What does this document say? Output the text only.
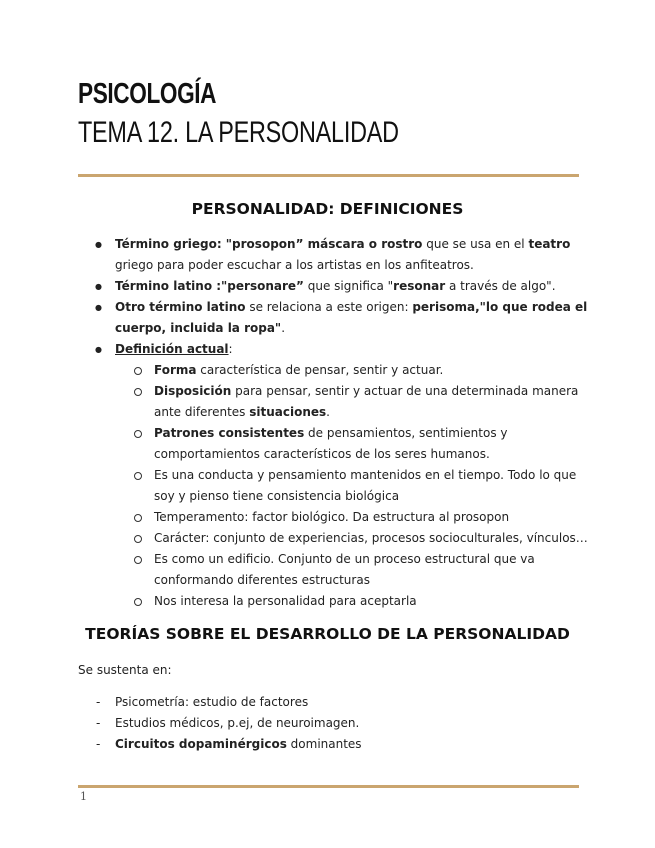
PSICOLOGÍA
TEMA 12. LA PERSONALIDAD
PERSONALIDAD: DEFINICIONES
● Término griego: "prosopon” máscara o rostro que se usa en el teatro griego para poder escuchar a los artistas en los anfiteatros.
● Término latino :"personare” que significa "resonar a través de algo".
● Otro término latino se relaciona a este origen: perisoma,"lo que rodea el cuerpo, incluida la ropa".
● Definición actual:
Forma característica de pensar, sentir y actuar.
Disposición para pensar, sentir y actuar de una determinada manera ante diferentes situaciones.
Patrones consistentes de pensamientos, sentimientos y comportamientos característicos de los seres humanos.
Es una conducta y pensamiento mantenidos en el tiempo. Todo lo que soy y pienso tiene consistencia biológica
Temperamento: factor biológico. Da estructura al prosopon
Carácter: conjunto de experiencias, procesos socioculturales, vínculos…
Es como un edificio. Conjunto de un proceso estructural que va conformando diferentes estructuras
Nos interesa la personalidad para aceptarla
TEORÍAS SOBRE EL DESARROLLO DE LA PERSONALIDAD

Se sustenta en:

- Psicometría: estudio de factores
- Estudios médicos, p.ej, de neuroimagen.
- Circuitos dopaminérgicos dominantes
1
